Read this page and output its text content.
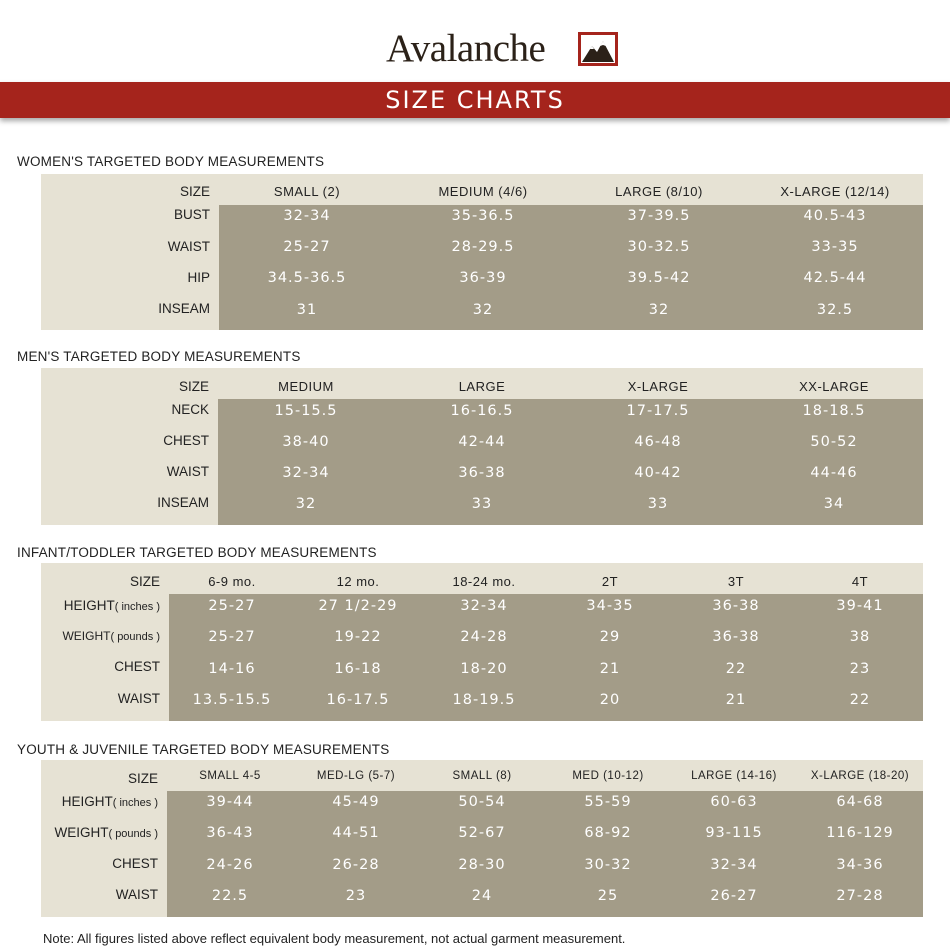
Avalanche
SIZE CHARTS
WOMEN'S TARGETED BODY MEASUREMENTS
SIZE	SMALL (2)	MEDIUM (4/6)	LARGE (8/10)	X-LARGE (12/14)
BUST	32-34	35-36.5	37-39.5	40.5-43
WAIST	25-27	28-29.5	30-32.5	33-35
HIP	34.5-36.5	36-39	39.5-42	42.5-44
INSEAM	31	32	32	32.5
MEN'S TARGETED BODY MEASUREMENTS
SIZE	MEDIUM	LARGE	X-LARGE	XX-LARGE
NECK	15-15.5	16-16.5	17-17.5	18-18.5
CHEST	38-40	42-44	46-48	50-52
WAIST	32-34	36-38	40-42	44-46
INSEAM	32	33	33	34
INFANT/TODDLER TARGETED BODY MEASUREMENTS
SIZE	6-9 mo.	12 mo.	18-24 mo.	2T	3T	4T
HEIGHT( inches )	25-27	27 1/2-29	32-34	34-35	36-38	39-41
WEIGHT( pounds )	25-27	19-22	24-28	29	36-38	38
CHEST	14-16	16-18	18-20	21	22	23
WAIST	13.5-15.5	16-17.5	18-19.5	20	21	22
YOUTH & JUVENILE TARGETED BODY MEASUREMENTS
SIZE	SMALL 4-5	MED-LG (5-7)	SMALL (8)	MED (10-12)	LARGE (14-16)	X-LARGE (18-20)
HEIGHT( inches )	39-44	45-49	50-54	55-59	60-63	64-68
WEIGHT( pounds )	36-43	44-51	52-67	68-92	93-115	116-129
CHEST	24-26	26-28	28-30	30-32	32-34	34-36
WAIST	22.5	23	24	25	26-27	27-28
Note: All figures listed above reflect equivalent body measurement, not actual garment measurement.
